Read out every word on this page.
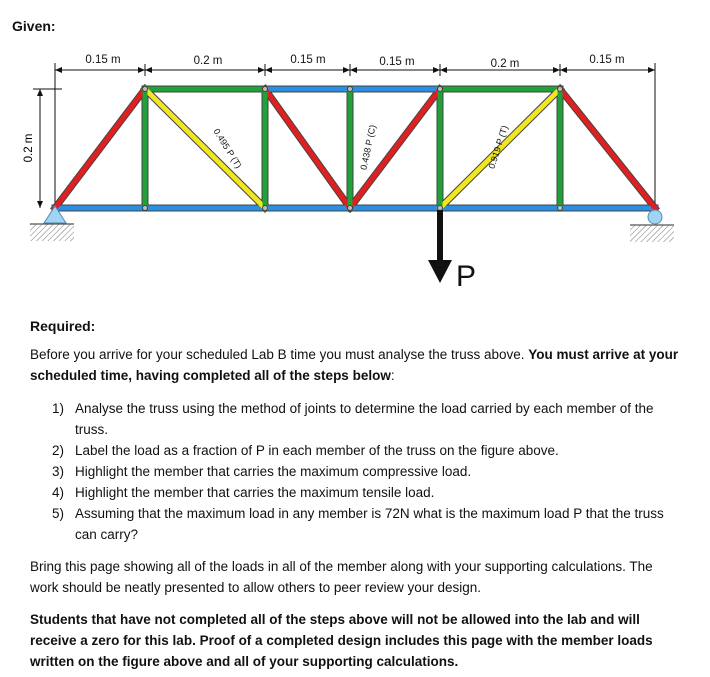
Given:
0.15 m	0.2 m	0.15 m	0.15 m	0.2 m	0.15 m
0.2 m
P
0.495 P (T)	0.438 P (C)	0.919 P (T)
Required:
Before you arrive for your scheduled Lab B time you must analyse the truss above. You must arrive at your scheduled time, having completed all of the steps below:
1) Analyse the truss using the method of joints to determine the load carried by each member of the truss.
2) Label the load as a fraction of P in each member of the truss on the figure above.
3) Highlight the member that carries the maximum compressive load.
4) Highlight the member that carries the maximum tensile load.
5) Assuming that the maximum load in any member is 72N what is the maximum load P that the truss can carry?
Bring this page showing all of the loads in all of the member along with your supporting calculations. The work should be neatly presented to allow others to peer review your design.
Students that have not completed all of the steps above will not be allowed into the lab and will receive a zero for this lab. Proof of a completed design includes this page with the member loads written on the figure above and all of your supporting calculations.
